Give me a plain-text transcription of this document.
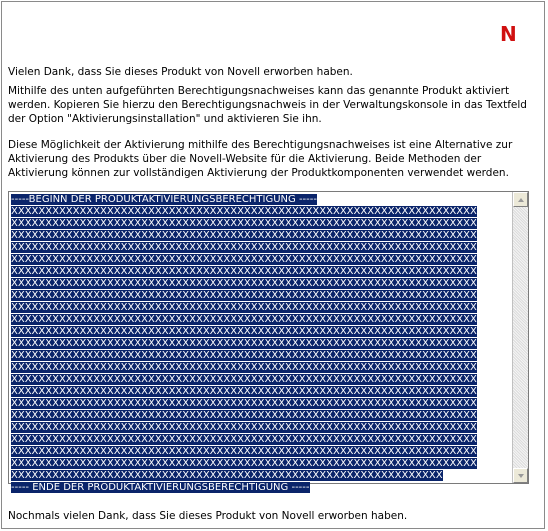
N

Vielen Dank, dass Sie dieses Produkt von Novell erworben haben.

Mithilfe des unten aufgeführten Berechtigungsnachweises kann das genannte Produkt aktiviert werden. Kopieren Sie hierzu den Berechtigungsnachweis in der Verwaltungskonsole in das Textfeld der Option "Aktivierungsinstallation" und aktivieren Sie ihn.

Diese Möglichkeit der Aktivierung mithilfe des Berechtigungsnachweises ist eine Alternative zur Aktivierung des Produkts über die Novell-Website für die Aktivierung. Beide Methoden der Aktivierung können zur vollständigen Aktivierung der Produktkomponenten verwendet werden.

-----BEGINN DER PRODUKTAKTIVIERUNGSBERECHTIGUNG -----
XXXXXXXXXXXXXXXXXXXXXXXXXXXXXXXXXXXXXXXXXXXXXXXXXXXXXXXXXXXXXXXXXXXX
XXXXXXXXXXXXXXXXXXXXXXXXXXXXXXXXXXXXXXXXXXXXXXXXXXXXXXXXXXXXXXXXXXXX
XXXXXXXXXXXXXXXXXXXXXXXXXXXXXXXXXXXXXXXXXXXXXXXXXXXXXXXXXXXXXXXXXXXX
XXXXXXXXXXXXXXXXXXXXXXXXXXXXXXXXXXXXXXXXXXXXXXXXXXXXXXXXXXXXXXXXXXXX
XXXXXXXXXXXXXXXXXXXXXXXXXXXXXXXXXXXXXXXXXXXXXXXXXXXXXXXXXXXXXXXXXXXX
XXXXXXXXXXXXXXXXXXXXXXXXXXXXXXXXXXXXXXXXXXXXXXXXXXXXXXXXXXXXXXXXXXXX
XXXXXXXXXXXXXXXXXXXXXXXXXXXXXXXXXXXXXXXXXXXXXXXXXXXXXXXXXXXXXXXXXXXX
XXXXXXXXXXXXXXXXXXXXXXXXXXXXXXXXXXXXXXXXXXXXXXXXXXXXXXXXXXXXXXXXXXXX
XXXXXXXXXXXXXXXXXXXXXXXXXXXXXXXXXXXXXXXXXXXXXXXXXXXXXXXXXXXXXXXXXXXX
XXXXXXXXXXXXXXXXXXXXXXXXXXXXXXXXXXXXXXXXXXXXXXXXXXXXXXXXXXXXXXXXXXXX
XXXXXXXXXXXXXXXXXXXXXXXXXXXXXXXXXXXXXXXXXXXXXXXXXXXXXXXXXXXXXXXXXXXX
XXXXXXXXXXXXXXXXXXXXXXXXXXXXXXXXXXXXXXXXXXXXXXXXXXXXXXXXXXXXXXXXXXXX
XXXXXXXXXXXXXXXXXXXXXXXXXXXXXXXXXXXXXXXXXXXXXXXXXXXXXXXXXXXXXXXXXXXX
XXXXXXXXXXXXXXXXXXXXXXXXXXXXXXXXXXXXXXXXXXXXXXXXXXXXXXXXXXXXXXXXXXXX
XXXXXXXXXXXXXXXXXXXXXXXXXXXXXXXXXXXXXXXXXXXXXXXXXXXXXXXXXXXXXXXXXXXX
XXXXXXXXXXXXXXXXXXXXXXXXXXXXXXXXXXXXXXXXXXXXXXXXXXXXXXXXXXXXXXXXXXXX
XXXXXXXXXXXXXXXXXXXXXXXXXXXXXXXXXXXXXXXXXXXXXXXXXXXXXXXXXXXXXXXXXXXX
XXXXXXXXXXXXXXXXXXXXXXXXXXXXXXXXXXXXXXXXXXXXXXXXXXXXXXXXXXXXXXXXXXXX
XXXXXXXXXXXXXXXXXXXXXXXXXXXXXXXXXXXXXXXXXXXXXXXXXXXXXXXXXXXXXXXXXXXX
XXXXXXXXXXXXXXXXXXXXXXXXXXXXXXXXXXXXXXXXXXXXXXXXXXXXXXXXXXXXXXXXXXXX
XXXXXXXXXXXXXXXXXXXXXXXXXXXXXXXXXXXXXXXXXXXXXXXXXXXXXXXXXXXXXXXXXXXX
XXXXXXXXXXXXXXXXXXXXXXXXXXXXXXXXXXXXXXXXXXXXXXXXXXXXXXXXXXXXXXXXXXXX
XXXXXXXXXXXXXXXXXXXXXXXXXXXXXXXXXXXXXXXXXXXXXXXXXXXXXXXXXXXXXXX
----- ENDE DER PRODUKTAKTIVIERUNGSBERECHTIGUNG -----

Nochmals vielen Dank, dass Sie dieses Produkt von Novell erworben haben.
